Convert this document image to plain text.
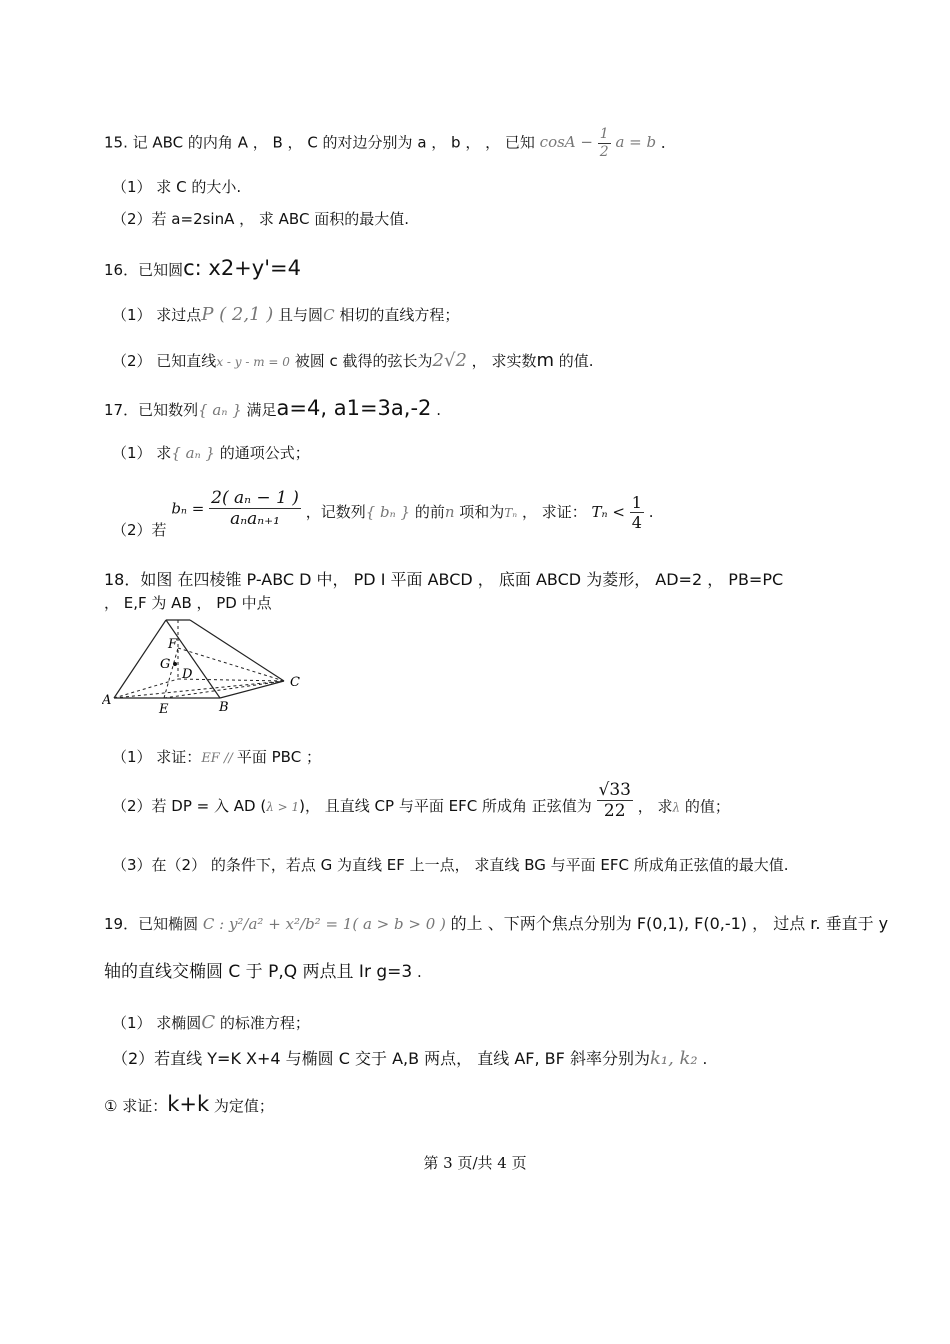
15. 记 ABC 的内角 A ， B ， C 的对边分别为 a ， b ， ， 已知 $\cos A - \frac{1}{2}$ a = b ．
（1） 求 C 的大小.
（2）若 a=2sinA ， 求 ABC 面积的最大值.
16．已知圆c: x2+y'=4
（1） 求过点P ( 2,1 ) 且与圆C 相切的直线方程；
（2） 已知直线x - y - m = 0 被圆 c 截得的弦长为2√2 ， 求实数m 的值.
17．已知数列{ aₙ } 满足a=4, a1=3a,-2 .
（1） 求{ aₙ } 的通项公式；
（2）若 $b_n = \frac{\text{2( aₙ − 1 )}}{\text{aₙaₙ₊₁}}$ ，记数列{ bₙ } 的前n 项和为Tₙ ， 求证： $T_n < \frac{1}{4}$ .
18．如图 在四棱锥 P-ABC D 中， PD I 平面 ABCD ， 底面 ABCD 为菱形， AD=2 ， PB=PC
， E,F 为 AB ， PD 中点
F
G
D
C
A
E	B
（1） 求证：EF // 平面 PBC ；
（2）若 DP = 入 AD (λ > 1)， 且直线 CP 与平面 EFC 所成角 正弦值为 $\frac{√33}{22}$ ， 求λ 的值；
（3）在（2） 的条件下，若点 G 为直线 EF 上一点， 求直线 BG 与平面 EFC 所成角正弦值的最大值.
19．已知椭圆 C : y²/a² + x²/b² = 1( a > b > 0 ) 的上 、下两个焦点分别为 F(0,1), F(0,-1) ， 过点 r. 垂直于 y
轴的直线交椭圆 C 于 P,Q 两点且 Ir g=3 .
（1） 求椭圆C 的标准方程；
（2）若直线 Y=K X+4 与椭圆 C 交于 A,B 两点， 直线 AF, BF 斜率分别为k₁, k₂ .
① 求证：k+k 为定值；
第 3 页/共 4 页
